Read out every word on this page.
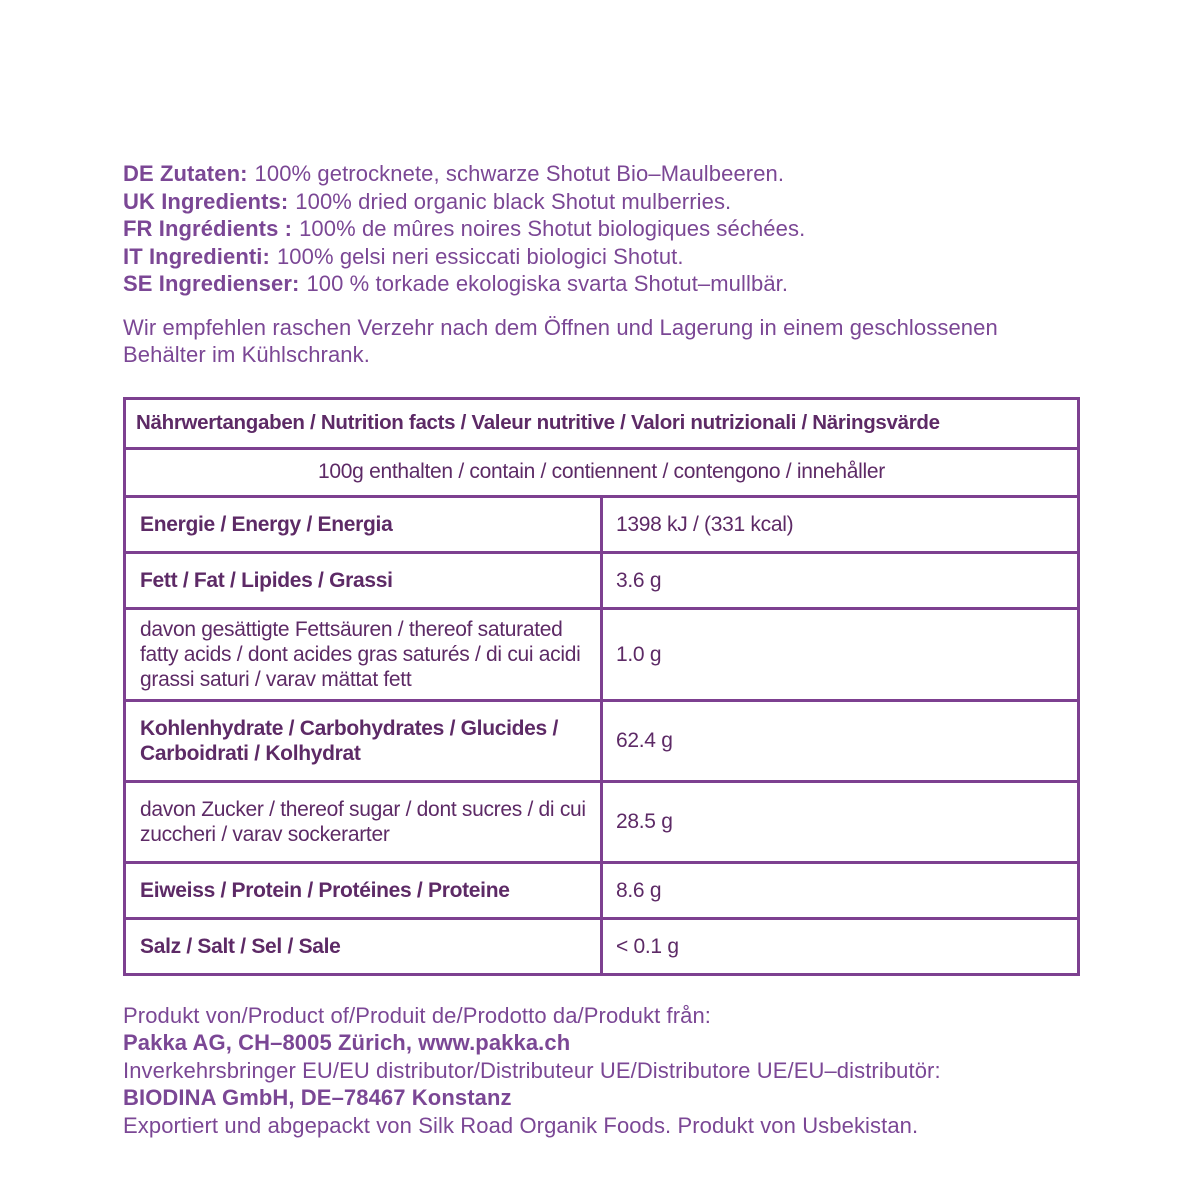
DE Zutaten: 100% getrocknete, schwarze Shotut Bio–Maulbeeren.
UK Ingredients: 100% dried organic black Shotut mulberries.
FR Ingrédients : 100% de mûres noires Shotut biologiques séchées.
IT Ingredienti: 100% gelsi neri essiccati biologici Shotut.
SE Ingredienser: 100 % torkade ekologiska svarta Shotut–mullbär.
Wir empfehlen raschen Verzehr nach dem Öffnen und Lagerung in einem geschlossenen Behälter im Kühlschrank.
Nährwertangaben / Nutrition facts / Valeur nutritive / Valori nutrizionali / Näringsvärde	
100g enthalten / contain / contiennent / contengono / innehåller	
Energie / Energy / Energia	1398 kJ / (331 kcal)
Fett / Fat / Lipides / Grassi	3.6 g
davon gesättigte Fettsäuren / thereof saturated fatty acids / dont acides gras saturés / di cui acidi grassi saturi / varav mättat fett	1.0 g
Kohlenhydrate / Carbohydrates / Glucides / Carboidrati / Kolhydrat	62.4 g
davon Zucker / thereof sugar / dont sucres / di cui zuccheri / varav sockerarter	28.5 g
Eiweiss / Protein / Protéines / Proteine	8.6 g
Salz / Salt / Sel / Sale	< 0.1 g
Produkt von/Product of/Produit de/Prodotto da/Produkt från:
Pakka AG, CH–8005 Zürich, www.pakka.ch
Inverkehrsbringer EU/EU distributor/Distributeur UE/Distributore UE/EU–distributör:
BIODINA GmbH, DE–78467 Konstanz
Exportiert und abgepackt von Silk Road Organik Foods. Produkt von Usbekistan.
